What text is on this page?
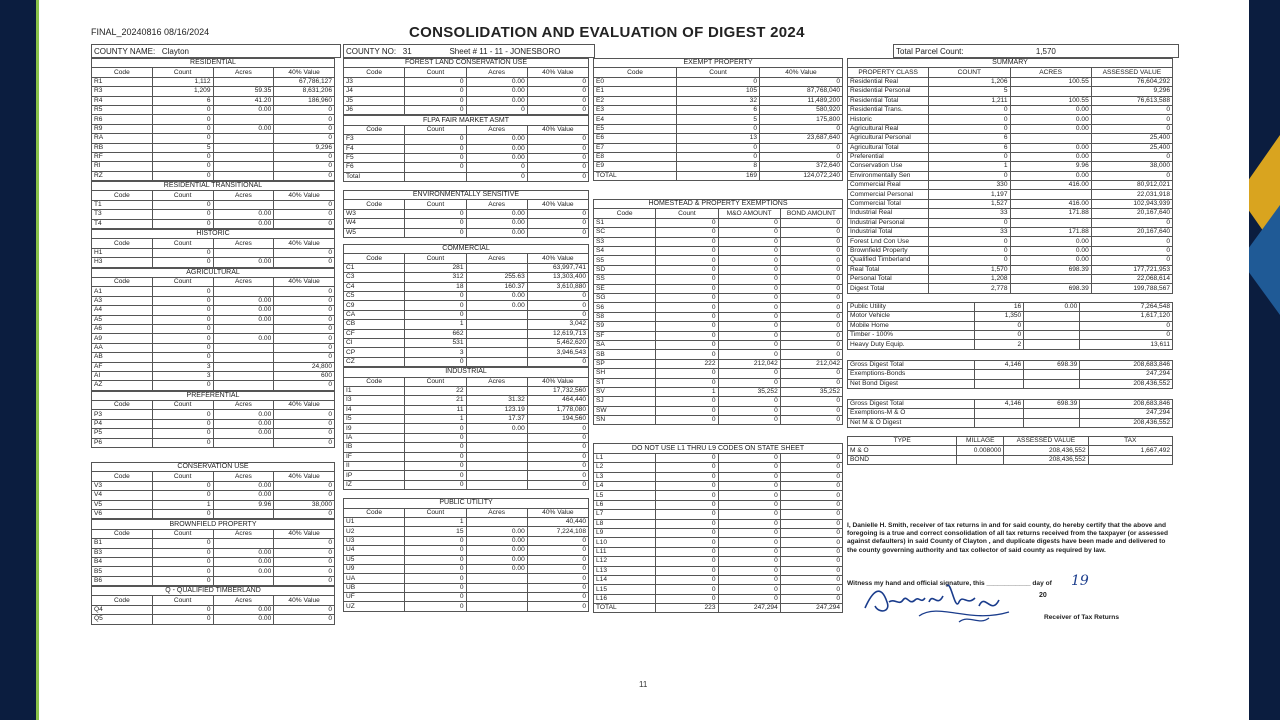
FINAL_20240816 08/16/2024	CONSOLIDATION AND EVALUATION OF DIGEST 2024
COUNTY NAME: Clayton	COUNTY NO: 31	Sheet # 11 - 11 - JONESBORO	Total Parcel Count:	1,570
RESIDENTIAL			
Code	Count	Acres	40% Value
R1	1,112		67,786,127
R3	1,209	59.35	8,631,206
R4	6	41.20	186,960
R5	0	0.00	0
R6	0		0
R9	0	0.00	0
RA	0		0
RB	5		9,296
RF	0		0
RI	0		0
RZ	0		0
RESIDENTIAL TRANSITIONAL			
Code	Count	Acres	40% Value
T1	0		0
T3	0	0.00	0
T4	0	0.00	0
HISTORIC			
Code	Count	Acres	40% Value
H1	0		0
H3	0	0.00	0
AGRICULTURAL			
Code	Count	Acres	40% Value
A1	0		0
A3	0	0.00	0
A4	0	0.00	0
A5	0	0.00	0
A6	0		0
A9	0	0.00	0
AA	0		0
AB	0		0
AF	3		24,800
AI	3		600
AZ	0		0
PREFERENTIAL			
Code	Count	Acres	40% Value
P3	0	0.00	0
P4	0	0.00	0
P5	0	0.00	0
P6	0		0
CONSERVATION USE			
Code	Count	Acres	40% Value
V3	0	0.00	0
V4	0	0.00	0
V5	1	9.96	38,000
V6	0		0
BROWNFIELD PROPERTY			
Code	Count	Acres	40% Value
B1	0		0
B3	0	0.00	0
B4	0	0.00	0
B5	0	0.00	0
B6	0		0
Q - QUALIFIED TIMBERLAND			
Code	Count	Acres	40% Value
Q4	0	0.00	0
Q5	0	0.00	0
FOREST LAND CONSERVATION USE			
Code	Count	Acres	40% Value
J3	0	0.00	0
J4	0	0.00	0
J5	0	0.00	0
J6	0	0	0
FLPA FAIR MARKET ASMT			
Code	Count	Acres	40% Value
F3	0	0.00	0
F4	0	0.00	0
F5	0	0.00	0
F6	0	0	0
Total		0	0
ENVIRONMENTALLY SENSITIVE			
Code	Count	Acres	40% Value
W3	0	0.00	0
W4	0	0.00	0
W5	0	0.00	0
COMMERCIAL			
Code	Count	Acres	40% Value
C1	281		63,997,741
C3	312	255.63	13,303,400
C4	18	160.37	3,610,880
C5	0	0.00	0
C9	0	0.00	0
CA	0		0
CB	1		3,042
CF	662		12,619,713
CI	531		5,462,620
CP	3		3,946,543
CZ	0		0
INDUSTRIAL			
Code	Count	Acres	40% Value
I1	22		17,732,560
I3	21	31.32	464,440
I4	11	123.19	1,778,080
I5	1	17.37	194,560
I9	0	0.00	0
IA	0		0
IB	0		0
IF	0		0
II	0		0
IP	0		0
IZ	0		0
PUBLIC UTILITY			
Code	Count	Acres	40% Value
U1	1		40,440
U2	15	0.00	7,224,108
U3	0	0.00	0
U4	0	0.00	0
U5	0	0.00	0
U9	0	0.00	0
UA	0		0
UB	0		0
UF	0		0
UZ	0		0
EXEMPT PROPERTY		
Code	Count	40% Value
E0	0	0
E1	105	87,768,040
E2	32	11,489,200
E3	6	580,920
E4	5	175,800
E5	0	0
E6	13	23,687,640
E7	0	0
E8	0	0
E9	8	372,640
TOTAL	169	124,072,240
HOMESTEAD & PROPERTY EXEMPTIONS			
Code	Count	M&O AMOUNT	BOND AMOUNT
S1	0	0	0
SC	0	0	0
S3	0	0	0
S4	0	0	0
S5	0	0	0
SD	0	0	0
SS	0	0	0
SE	0	0	0
SG	0	0	0
S6	0	0	0
S8	0	0	0
S9	0	0	0
SF	0	0	0
SA	0	0	0
SB	0	0	0
SP	222	212,042	212,042
SH	0	0	0
ST	0	0	0
SV	1	35,252	35,252
SJ	0	0	0
SW	0	0	0
SN	0	0	0
DO NOT USE L1 THRU L9 CODES ON STATE SHEET			
L1	0	0	0
L2	0	0	0
L3	0	0	0
L4	0	0	0
L5	0	0	0
L6	0	0	0
L7	0	0	0
L8	0	0	0
L9	0	0	0
L10	0	0	0
L11	0	0	0
L12	0	0	0
L13	0	0	0
L14	0	0	0
L15	0	0	0
L16	0	0	0
TOTAL	223	247,294	247,294
SUMMARY			
PROPERTY CLASS	COUNT	ACRES	ASSESSED VALUE
Residential Real	1,206	100.55	76,604,292
Residential Personal	5		9,296
Residential Total	1,211	100.55	76,613,588
Residential Trans.	0	0.00	0
Historic	0	0.00	0
Agricultural Real	0	0.00	0
Agricultural Personal	6		25,400
Agricultural Total	6	0.00	25,400
Preferential	0	0.00	0
Conservation Use	1	9.96	38,000
Environmentally Sen	0	0.00	0
Commercial Real	330	416.00	80,912,021
Commercial Personal	1,197		22,031,918
Commercial Total	1,527	416.00	102,943,939
Industrial Real	33	171.88	20,167,640
Industrial Personal	0		0
Industrial Total	33	171.88	20,167,640
Forest Lnd Con Use	0	0.00	0
Brownfield Property	0	0.00	0
Qualified Timberland	0	0.00	0
Real Total	1,570	698.39	177,721,953
Personal Total	1,208		22,068,614
Digest Total	2,778	698.39	199,788,567
Public Utility	16	0.00	7,264,548
Motor Vehicle	1,350		1,617,120
Mobile Home	0		0
Timber - 100%	0		0
Heavy Duty Equip.	2		13,611
Gross Digest Total	4,146	698.39	208,683,846
Exemptions-Bonds			247,294
Net Bond Digest			208,436,552
Gross Digest Total	4,146	698.39	208,683,846
Exemptions-M & O			247,294
Net M & O Digest			208,436,552
TYPE	MILLAGE	ASSESSED VALUE	TAX
M & O	0.008000	208,436,552	1,667,492
BOND		208,436,552	
I, Danielle H. Smith, receiver of tax returns in and for said county, do hereby certify that the above and foregoing is a true and correct consolidation of all tax returns received from the taxpayer (or assessed against defaulters) in said County of Clayton , and duplicate digests have been made and delivered to the county governing authority and tax collector of said county as required by law.
Witness my hand and official signature, this ____________ day of 19
20
Receiver of Tax Returns
11
